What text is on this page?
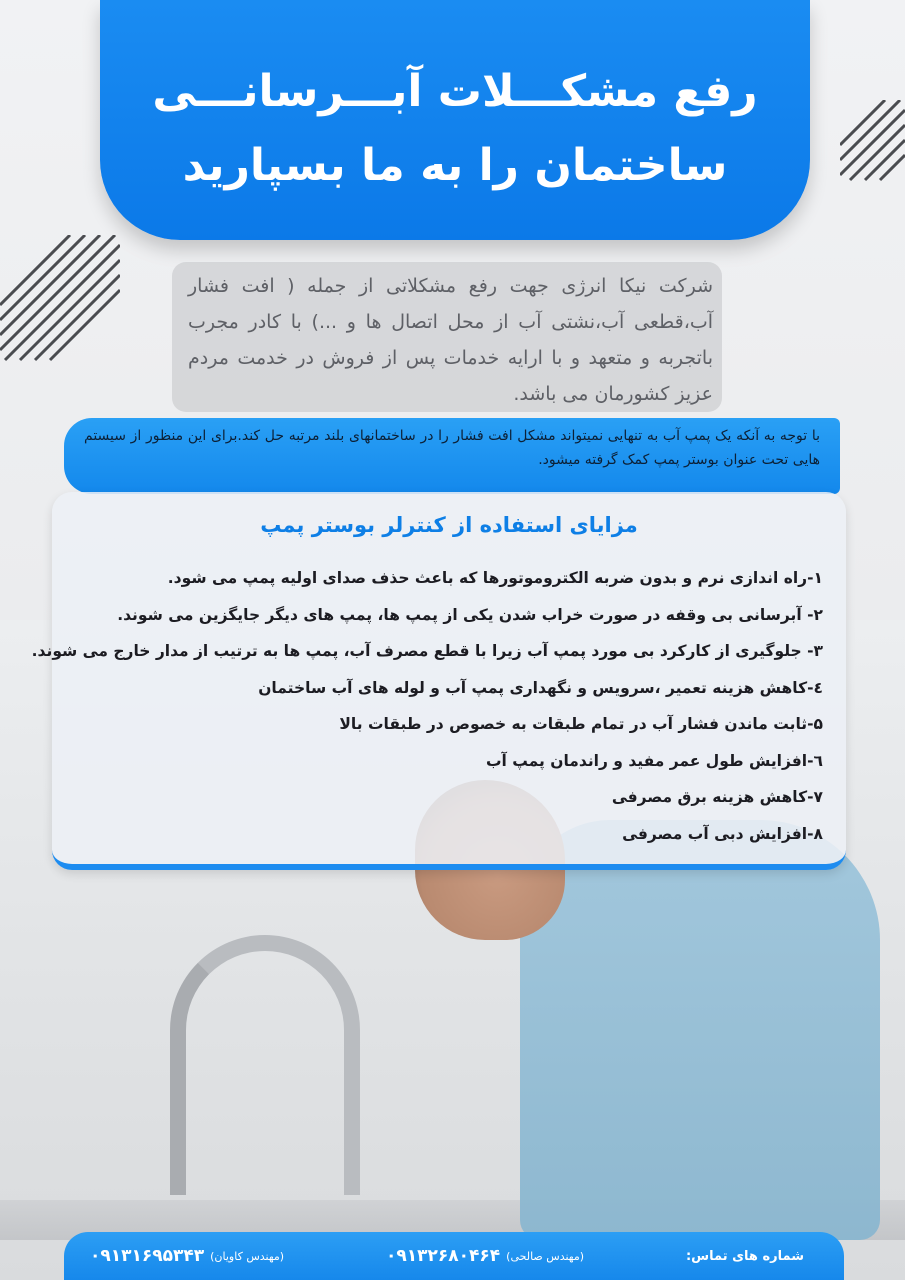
رفع مشکـــلات آبـــرسانـــی
ساختمان را به ما بسپارید
شرکت نیکا انرژی جهت رفع مشکلاتی از جمله ( افت فشار آب،قطعی آب،نشتی آب از محل اتصال ها و ...) با کادر مجرب باتجربه و متعهد و با ارایه خدمات پس از فروش در خدمت مردم عزیز کشورمان می باشد.
با توجه به آنکه یک پمپ آب به تنهایی نمیتواند مشکل افت فشار را در ساختمانهای بلند مرتبه حل کند.برای این منظور از سیستم هایی تحت عنوان بوستر پمپ کمک گرفته میشود.
مزایای استفاده از کنترلر بوستر پمپ
۱-راه اندازی نرم و بدون ضربه الکتروموتورها که باعث حذف صدای اولیه پمپ می شود.
۲- آبرسانی بی وقفه در صورت خراب شدن یکی از پمپ ها، پمپ های دیگر جایگزین می شوند.
۳- جلوگیری از کارکرد بی مورد پمپ آب زیرا با قطع مصرف آب، پمپ ها به ترتیب از مدار خارج می شوند.
٤-کاهش هزینه تعمیر ،سرویس و نگهداری پمپ آب و لوله های آب ساختمان
۵-ثابت ماندن فشار آب در تمام طبقات به خصوص در طبقات بالا
٦-افزایش طول عمر مفید و راندمان پمپ آب
۷-کاهش هزینه برق مصرفی
۸-افزایش دبی آب مصرفی
شماره های تماس:
(مهندس صالحی)
۰۹۱۳۲۶۸۰۴۶۴
(مهندس کاویان)
۰۹۱۳۱۶۹۵۳۴۳
